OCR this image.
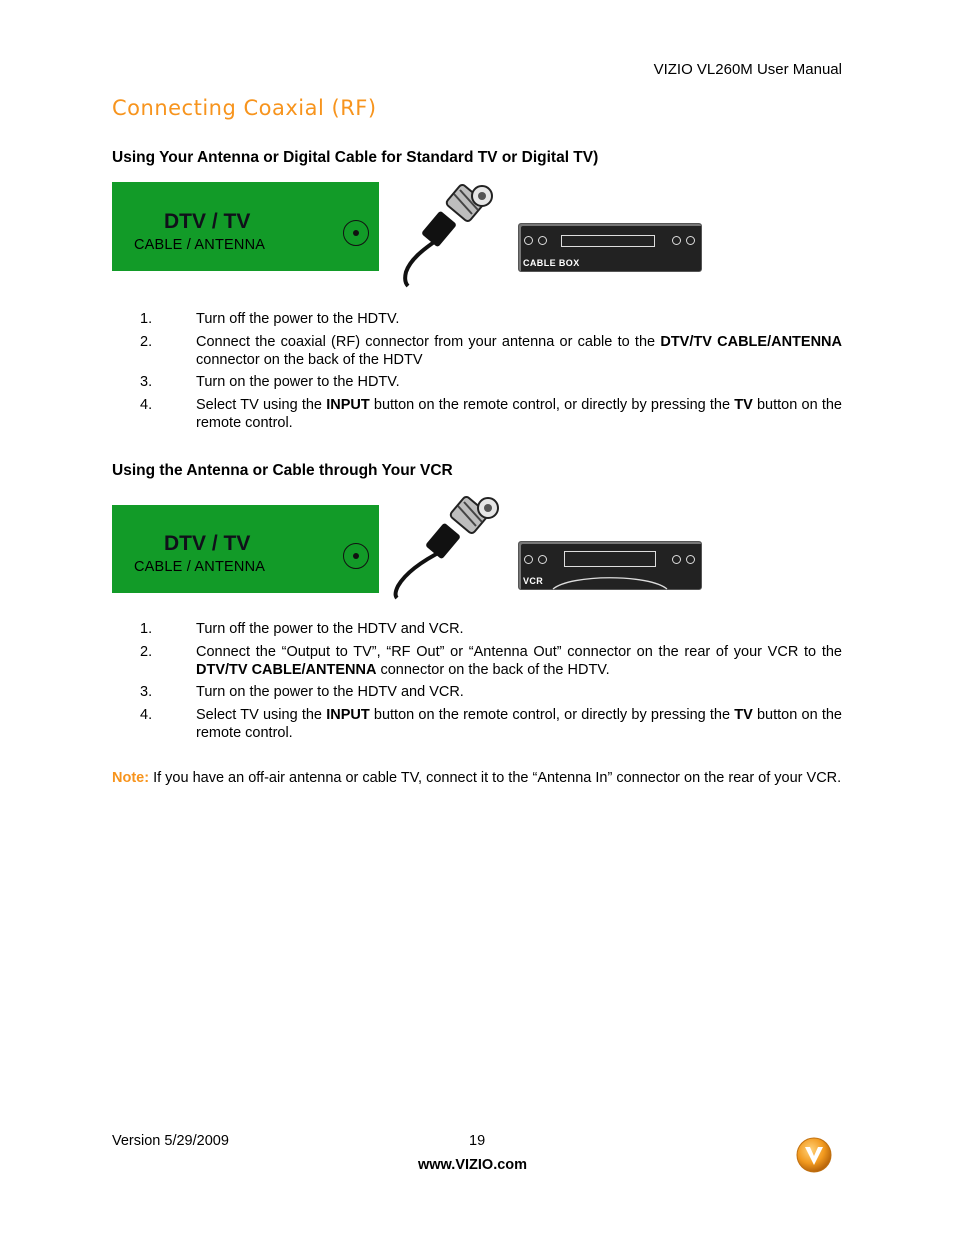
VIZIO VL260M User Manual
Connecting Coaxial (RF)
Using Your Antenna or Digital Cable for Standard TV or Digital TV)
DTV / TV
CABLE / ANTENNA
CABLE BOX
1.	Turn off the power to the HDTV.
2.	Connect the coaxial (RF) connector from your antenna or cable to the DTV/TV CABLE/ANTENNA connector on the back of the HDTV
3.	Turn on the power to the HDTV.
4.	Select TV using the INPUT button on the remote control, or directly by pressing the TV button on the remote control.
Using the Antenna or Cable through Your VCR
DTV / TV
CABLE / ANTENNA
VCR
1.	Turn off the power to the HDTV and VCR.
2.	Connect the “Output to TV”, “RF Out” or “Antenna Out” connector on the rear of your VCR to the DTV/TV CABLE/ANTENNA connector on the back of the HDTV.
3.	Turn on the power to the HDTV and VCR.
4.	Select TV using the INPUT button on the remote control, or directly by pressing the TV button on the remote control.
Note: If you have an off-air antenna or cable TV, connect it to the “Antenna In” connector on the rear of your VCR.
Version 5/29/2009	19
www.VIZIO.com
